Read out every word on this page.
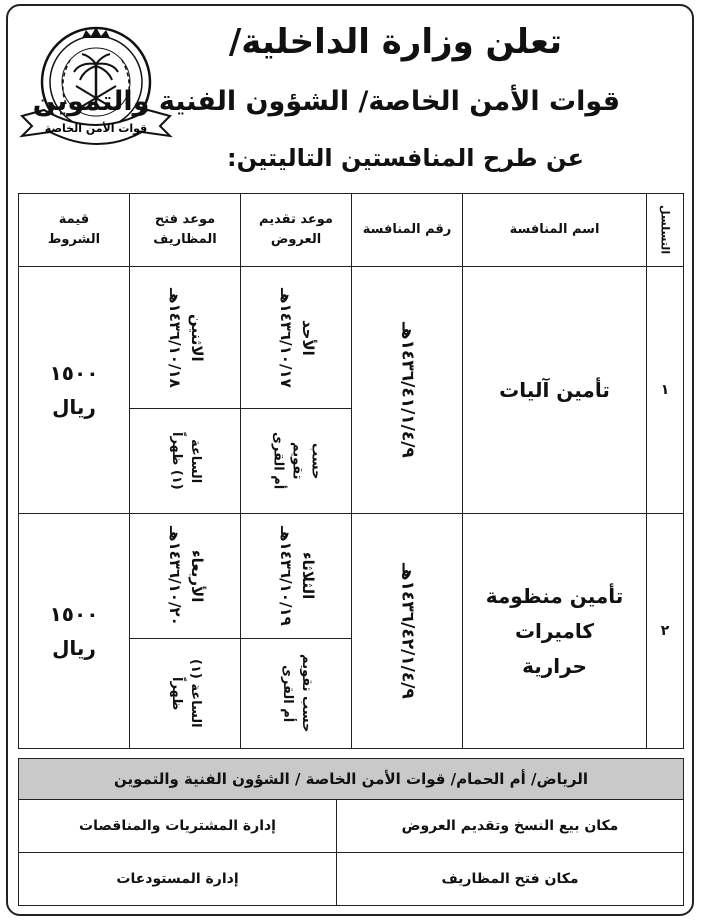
قوات الأمن الخاصة
تعلن وزارة الداخلية/
قوات الأمن الخاصة/ الشؤون الفنية والتموين
عن طرح المنافستين التاليتين:
التسلسل
اسم المنافسة
رقم المنافسة
موعد تقديم
العروض
موعد فتح
المظاريف
قيمة
الشروط
١
تأمين آليات
١٤٣٦/٤١/١/٤/٩هـ
الأحد
١٤٣٦/١٠/١٧هـ
حسب
تقويم
أم القرى
الاثنين
١٤٣٦/١٠/١٨هـ
الساعة
(١) ظهراً
١٥٠٠
ريال
٢
تأمين منظومة
كاميرات
حرارية
١٤٣٦/٤٢/١/٤/٩هـ
الثلاثاء
١٤٣٦/١٠/١٩هـ
حسب تقويم
أم القرى
الأربعاء
١٤٣٦/١٠/٢٠هـ
الساعة (١)
ظهراً
١٥٠٠
ريال
الرياض/ أم الحمام/ قوات الأمن الخاصة / الشؤون الفنية والتموين
مكان بيع النسخ وتقديم العروض
إدارة المشتريات والمناقصات
مكان فتح المظاريف
إدارة المستودعات
